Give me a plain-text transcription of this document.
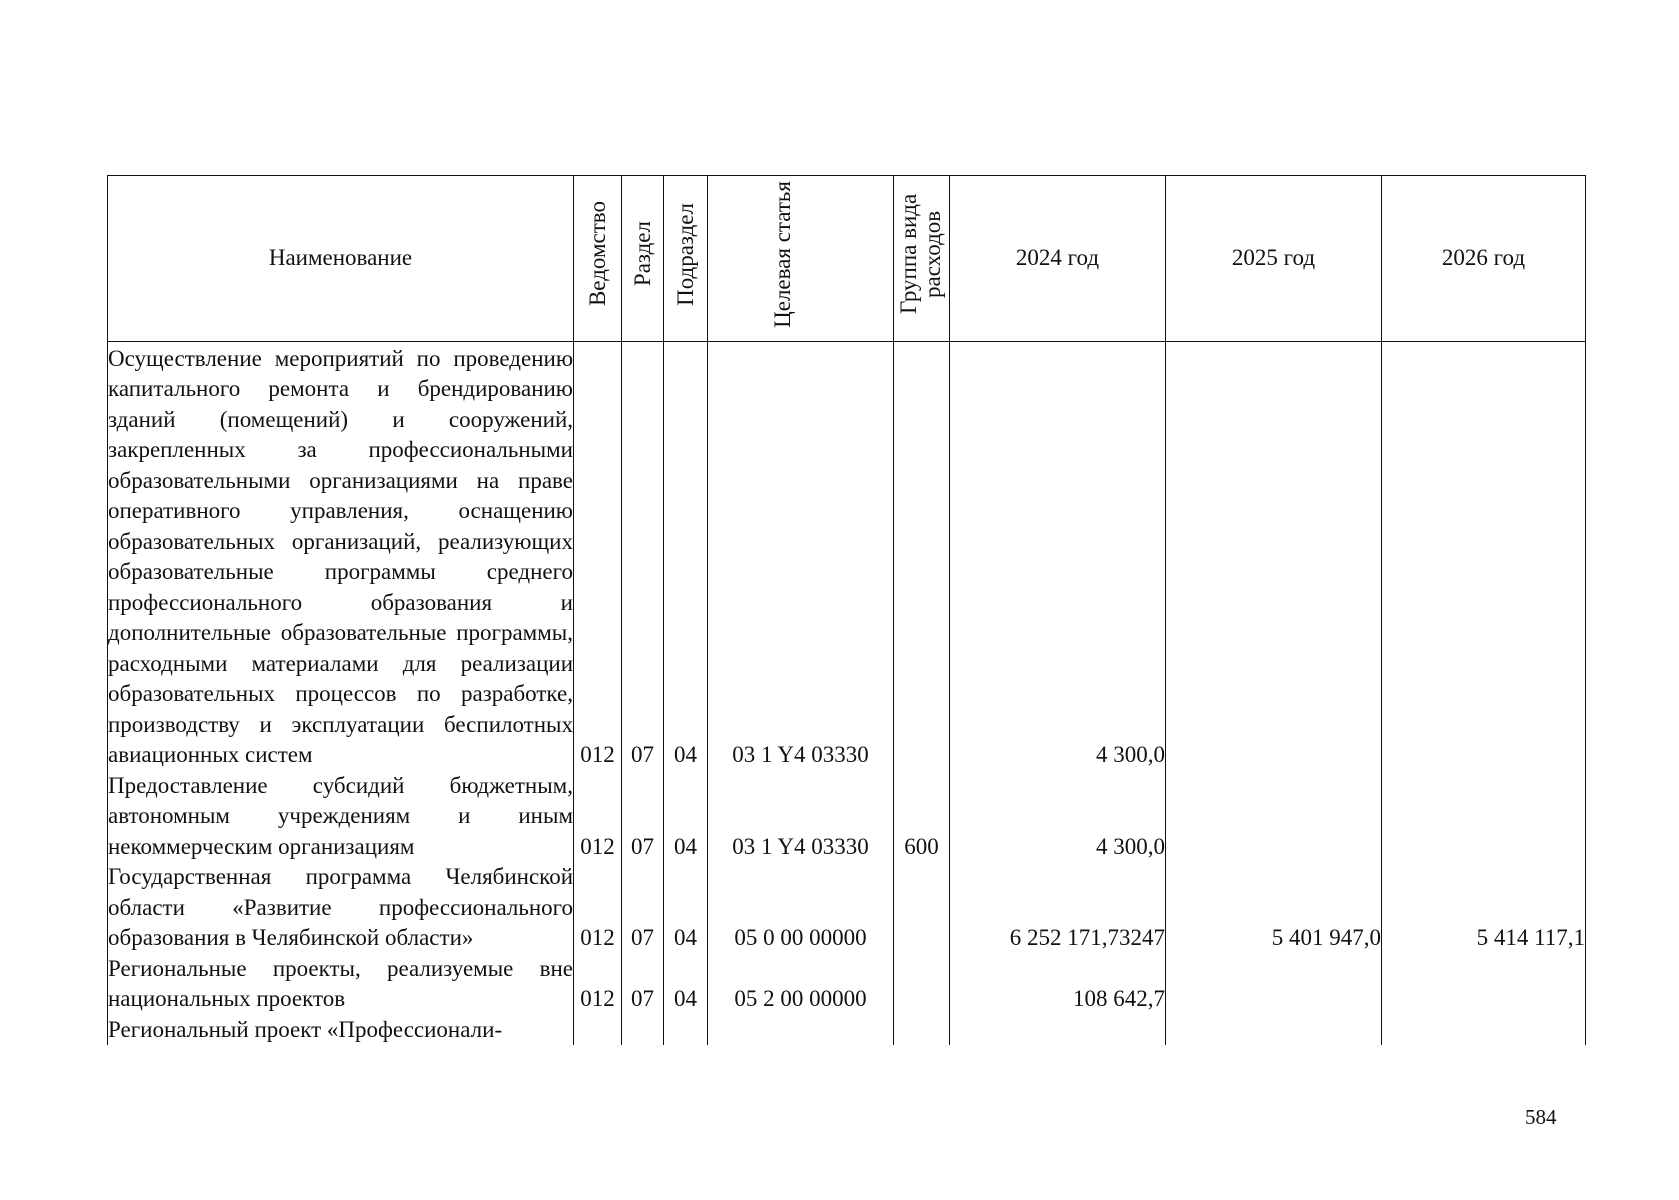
Наименование	Ведомство	Раздел	Подраздел	Целевая статья	Группа вида расходов	2024 год	2025 год	2026 год
Осуществление мероприятий по проведению капитального ремонта и брендированию зданий (помещений) и сооружений, закрепленных за профессиональными образовательными организациями на праве оперативного управления, оснащению образовательных организаций, реализующих образовательные программы среднего профессионального образования и дополнительные образовательные программы, расходными материалами для реализации образовательных процессов по разработке, производству и эксплуатации беспилотных авиационных систем	012	07	04	03 1 Y4 03330		4 300,0		
Предоставление субсидий бюджетным, автономным учреждениям и иным некоммерческим организациям	012	07	04	03 1 Y4 03330	600	4 300,0		
Государственная программа Челябинской области «Развитие профессионального образования в Челябинской области»	012	07	04	05 0 00 00000		6 252 171,73247	5 401 947,0	5 414 117,1
Региональные проекты, реализуемые вне национальных проектов	012	07	04	05 2 00 00000		108 642,7		
Региональный проект «Профессионали-								
584
